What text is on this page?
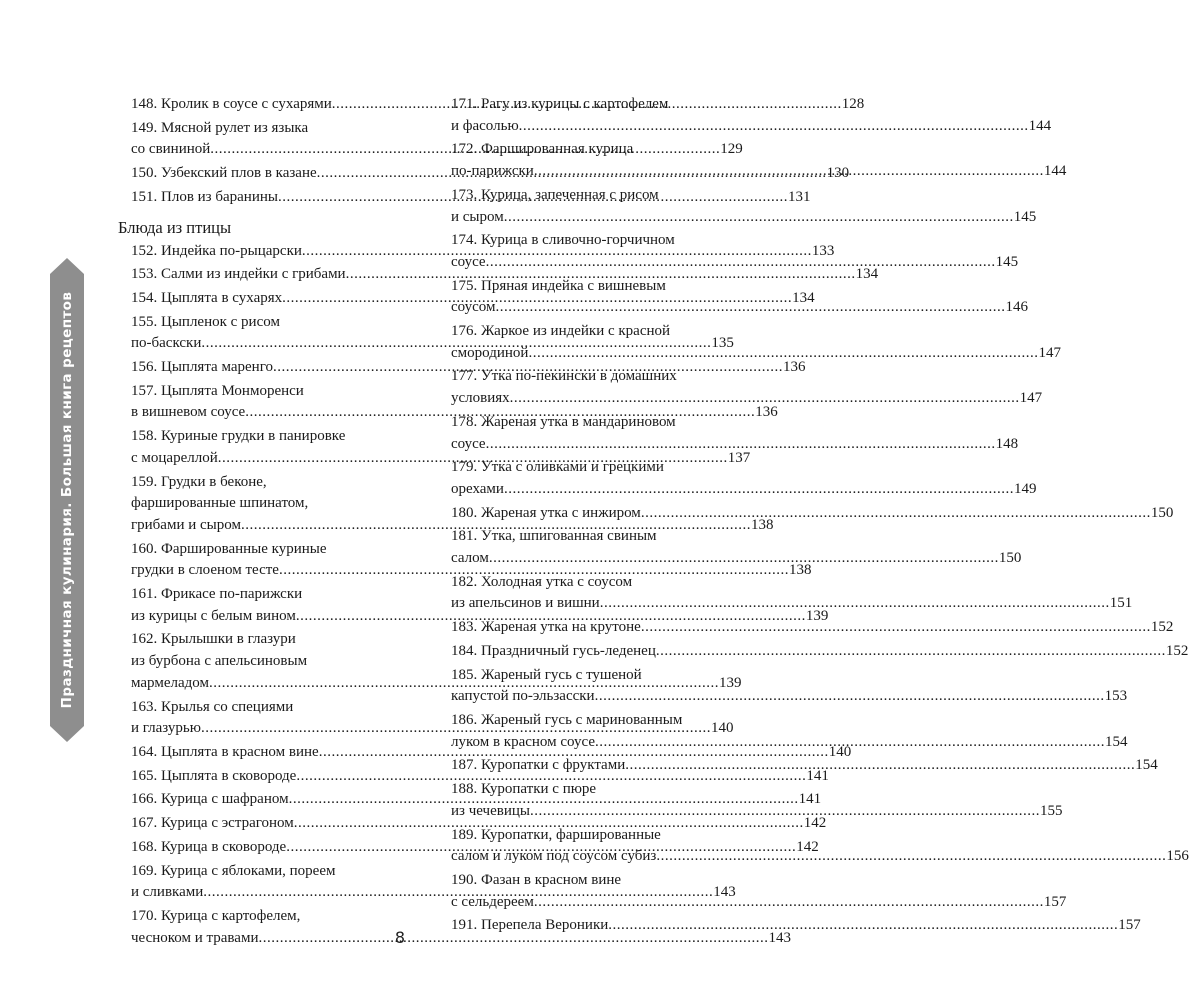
Праздничная кулинария. Большая книга рецептов
148. Кролик в соусе с сухарями .....	128
149. Мясной рулет из языка
со свининой .....	129
150. Узбекский плов в казане .....	130
151. Плов из баранины .....	131
Блюда из птицы
152. Индейка по-рыцарски .....	133
153. Салми из индейки с грибами .....	134
154. Цыплята в сухарях .....	134
155. Цыпленок с рисом
по-баскски .....	135
156. Цыплята маренго .....	136
157. Цыплята Монморенси
в вишневом соусе .....	136
158. Куриные грудки в панировке
с моцареллой .....	137
159. Грудки в беконе,
фаршированные шпинатом,
грибами и сыром .....	138
160. Фаршированные куриные
грудки в слоеном тесте .....	138
161. Фрикасе по-парижски
из курицы с белым вином .....	139
162. Крылышки в глазури
из бурбона с апельсиновым
мармеладом .....	139
163. Крылья со специями
и глазурью .....	140
164. Цыплята в красном вине .....	140
165. Цыплята в сковороде .....	141
166. Курица с шафраном .....	141
167. Курица с эстрагоном .....	142
168. Курица в сковороде .....	142
169. Курица с яблоками, пореем
и сливками .....	143
170. Курица с картофелем,
чесноком и травами .....	143
171. Рагу из курицы с картофелем
и фасолью .....	144
172. Фаршированная курица
по-парижски .....	144
173. Курица, запеченная с рисом
и сыром .....	145
174. Курица в сливочно-горчичном
соусе .....	145
175. Пряная индейка с вишневым
соусом .....	146
176. Жаркое из индейки с красной
смородиной .....	147
177. Утка по-пекински в домашних
условиях .....	147
178. Жареная утка в мандариновом
соусе .....	148
179. Утка с оливками и грецкими
орехами .....	149
180. Жареная утка с инжиром .....	150
181. Утка, шпигованная свиным
салом .....	150
182. Холодная утка с соусом
из апельсинов и вишни .....	151
183. Жареная утка на крутоне .....	152
184. Праздничный гусь-леденец .....	152
185. Жареный гусь с тушеной
капустой по-эльзасски .....	153
186. Жареный гусь с маринованным
луком в красном соусе .....	154
187. Куропатки с фруктами .....	154
188. Куропатки с пюре
из чечевицы .....	155
189. Куропатки, фаршированные
салом и луком под соусом субиз .....	156
190. Фазан в красном вине
с сельдереем .....	157
191. Перепела Вероники .....	157
8
